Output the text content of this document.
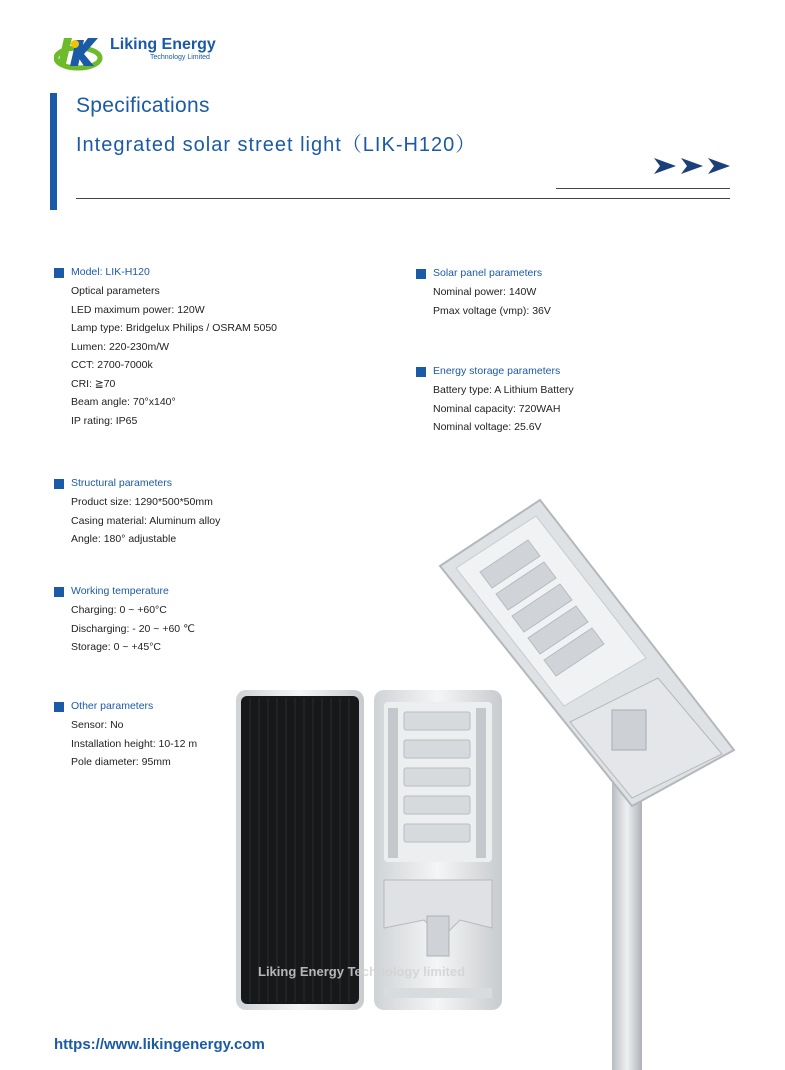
Liking Energy
Technology Limited
Specifications
Integrated solar street light（LIK-H120）
Model: LIK-H120
Optical parameters
LED maximum power: 120W
Lamp type: Bridgelux Philips / OSRAM 5050
Lumen: 220-230m/W
CCT: 2700-7000k
CRI: ≧70
Beam angle: 70°x140°
IP rating: IP65
Solar panel parameters
Nominal power: 140W
Pmax voltage (vmp): 36V
Energy storage parameters
Battery type: A Lithium Battery
Nominal capacity: 720WAH
Nominal voltage: 25.6V
Structural parameters
Product size: 1290*500*50mm
Casing material: Aluminum alloy
Angle: 180° adjustable
Working temperature
Charging: 0 ~ +60°C
Discharging: - 20 ~ +60 ℃
Storage: 0 ~ +45°C
Other parameters
Sensor: No
Installation height: 10-12 m
Pole diameter: 95mm
Liking Energy Technology limited
https://www.likingenergy.com
